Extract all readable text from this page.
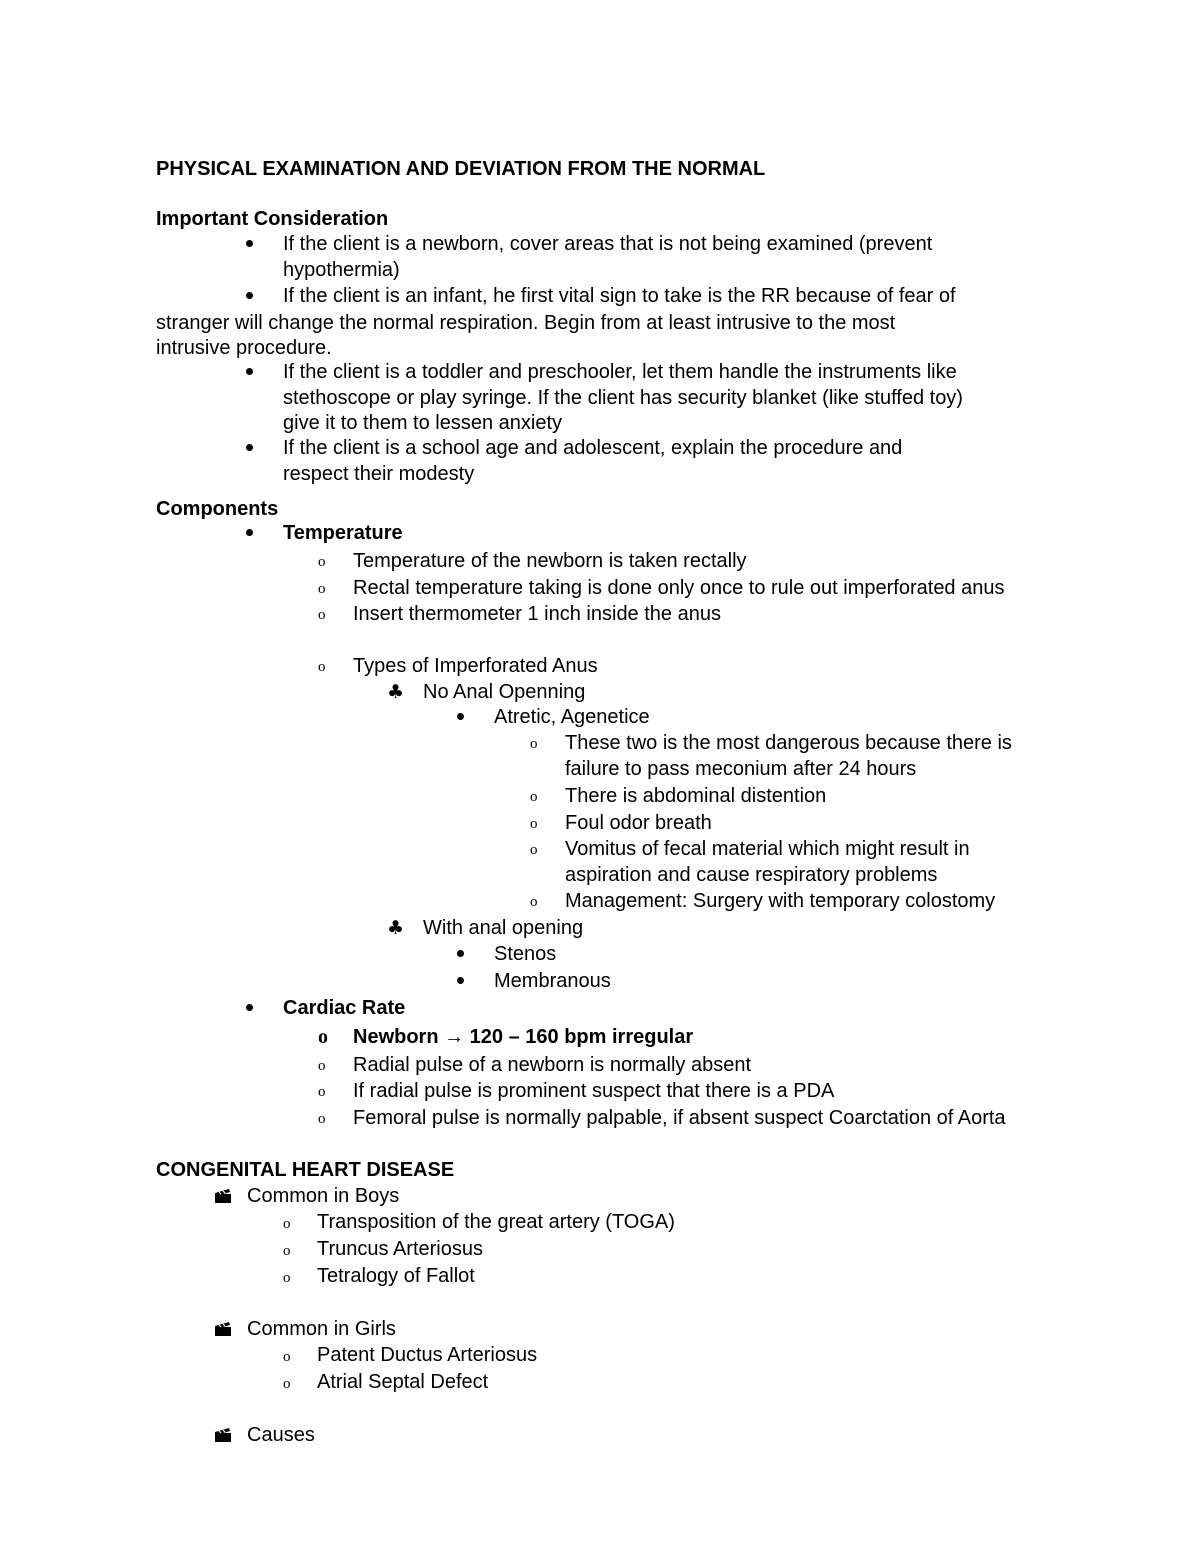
PHYSICAL EXAMINATION AND DEVIATION FROM THE NORMAL
Important Consideration
If the client is a newborn, cover areas that is not being examined (prevent
hypothermia)
If the client is an infant, he first vital sign to take is the RR because of fear of
stranger will change the normal respiration. Begin from at least intrusive to the most
intrusive procedure.
If the client is a toddler and preschooler, let them handle the instruments like
stethoscope or play syringe. If the client has security blanket (like stuffed toy)
give it to them to lessen anxiety
If the client is a school age and adolescent, explain the procedure and
respect their modesty
Components
Temperature
o Temperature of the newborn is taken rectally
o Rectal temperature taking is done only once to rule out imperforated anus
o Insert thermometer 1 inch inside the anus
o Types of Imperforated Anus
♣ No Anal Openning
Atretic, Agenetice
o These two is the most dangerous because there is
failure to pass meconium after 24 hours
o There is abdominal distention
o Foul odor breath
o Vomitus of fecal material which might result in
aspiration and cause respiratory problems
o Management: Surgery with temporary colostomy
♣ With anal opening
Stenos
Membranous
Cardiac Rate
o Newborn → 120 – 160 bpm irregular
o Radial pulse of a newborn is normally absent
o If radial pulse is prominent suspect that there is a PDA
o Femoral pulse is normally palpable, if absent suspect Coarctation of Aorta
CONGENITAL HEART DISEASE
Common in Boys
o Transposition of the great artery (TOGA)
o Truncus Arteriosus
o Tetralogy of Fallot
Common in Girls
o Patent Ductus Arteriosus
o Atrial Septal Defect
Causes
